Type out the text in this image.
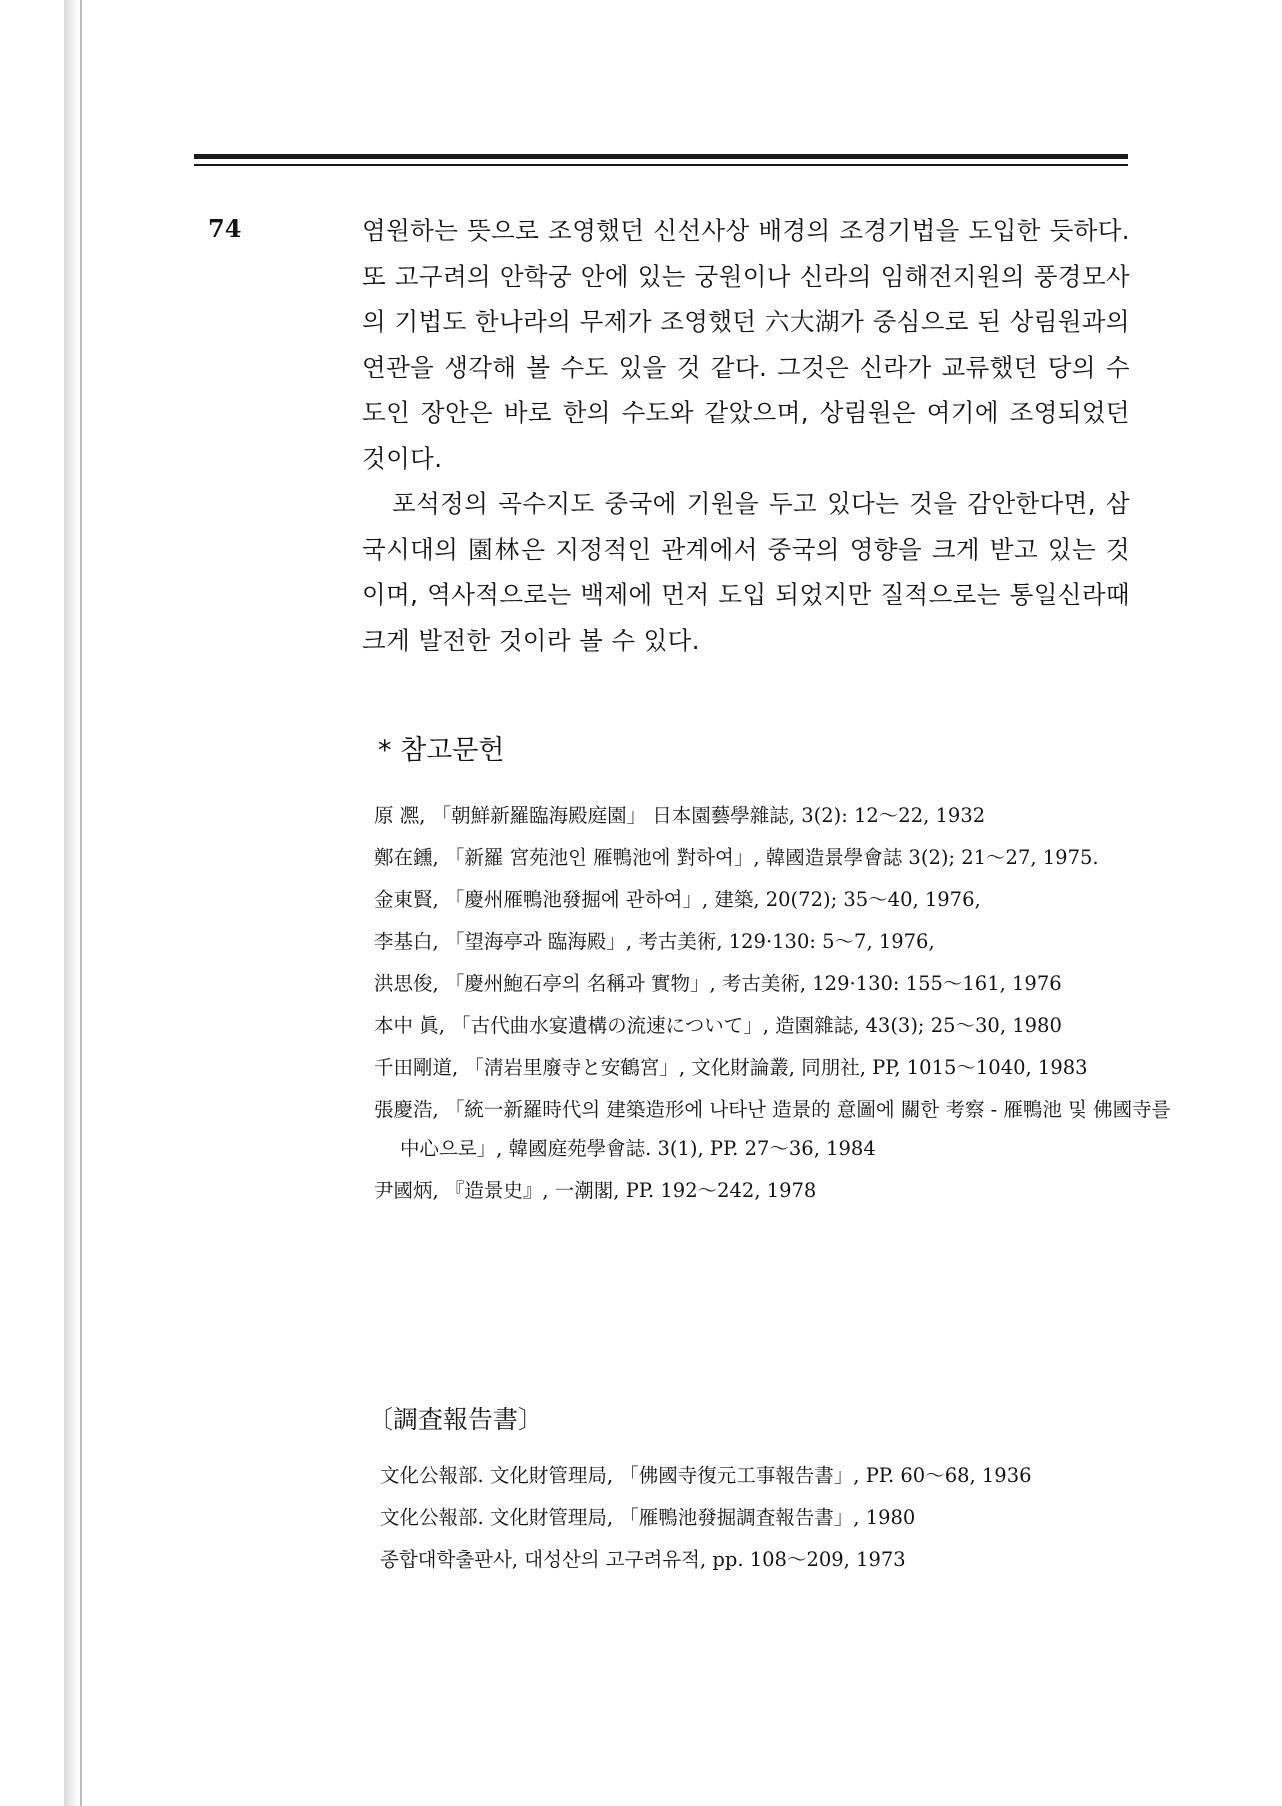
74	염원하는 뜻으로 조영했던 신선사상 배경의 조경기법을 도입한 듯하다. 또 고구려의 안학궁 안에 있는 궁원이나 신라의 임해전지원의 풍경모사의 기법도 한나라의 무제가 조영했던 六大湖가 중심으로 된 상림원과의 연관을 생각해 볼 수도 있을 것 같다. 그것은 신라가 교류했던 당의 수도인 장안은 바로 한의 수도와 같았으며, 상림원은 여기에 조영되었던 것이다.

포석정의 곡수지도 중국에 기원을 두고 있다는 것을 감안한다면, 삼국시대의 園林은 지정적인 관계에서 중국의 영향을 크게 받고 있는 것이며, 역사적으로는 백제에 먼저 도입 되었지만 질적으로는 통일신라때 크게 발전한 것이라 볼 수 있다.

* 참고문헌

原 凞, 「朝鮮新羅臨海殿庭園」 日本園藝學雜誌, 3(2): 12～22, 1932

鄭在鑂, 「新羅 宮苑池인 雁鴨池에 對하여」, 韓國造景學會誌 3(2); 21～27, 1975.

金東賢, 「慶州雁鴨池發掘에 관하여」, 建築, 20(72); 35～40, 1976,

李基白, 「望海亭과 臨海殿」, 考古美術, 129·130: 5～7, 1976,

洪思俊, 「慶州鮑石亭의 名稱과 實物」, 考古美術, 129·130: 155～161, 1976

本中 眞, 「古代曲水宴遺構の流速について」, 造園雜誌, 43(3); 25～30, 1980

千田剛道, 「淸岩里廢寺と安鶴宮」, 文化財論叢, 同朋社, PP, 1015～1040, 1983

張慶浩, 「統一新羅時代의 建築造形에 나타난 造景的 意圖에 關한 考察 - 雁鴨池 및 佛國寺를 中心으로」, 韓國庭苑學會誌. 3(1), PP. 27～36, 1984

尹國炳, 『造景史』, 一潮閣, PP. 192～242, 1978

〔調査報告書〕

文化公報部. 文化財管理局, 「佛國寺復元工事報告書」, PP. 60～68, 1936

文化公報部. 文化財管理局, 「雁鴨池發掘調査報告書」, 1980

종합대학출판사, 대성산의 고구려유적, pp. 108～209, 1973
